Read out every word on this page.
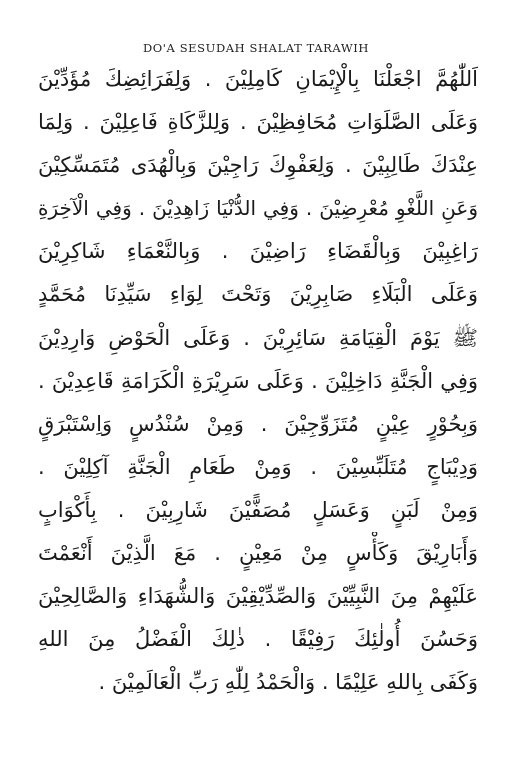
DO'A SESUDAH SHALAT TARAWIH
اَللّٰهُمَّ اجْعَلْنَا بِالْإِيْمَانِ كَامِلِيْنَ . وَلِفَرَائِضِكَ مُؤَدِّيْنَ
وَعَلَى الصَّلَوَاتِ مُحَافِظِيْنَ . وَلِلزَّكَاةِ فَاعِلِيْنَ . وَلِمَا
عِنْدَكَ طَالِبِيْنَ . وَلِعَفْوِكَ رَاجِيْنَ وَبِالْهُدَى مُتَمَسِّكِيْنَ
وَعَنِ اللَّغْوِ مُعْرِضِيْنَ . وَفِي الدُّنْيَا زَاهِدِيْنَ . وَفِي الْآخِرَةِ
رَاغِبِيْنَ وَبِالْقَضَاءِ رَاضِيْنَ . وَبِالنَّعْمَاءِ شَاكِرِيْنَ
وَعَلَى الْبَلَاءِ صَابِرِيْنَ وَتَحْتَ لِوَاءِ سَيِّدِنَا مُحَمَّدٍ
ﷺ يَوْمَ الْقِيَامَةِ سَائِرِيْنَ . وَعَلَى الْحَوْضِ وَارِدِيْنَ
وَفِي الْجَنَّةِ دَاخِلِيْنَ . وَعَلَى سَرِيْرَةِ الْكَرَامَةِ قَاعِدِيْنَ .
وَبِحُوْرٍ عِيْنٍ مُتَزَوِّجِيْنَ . وَمِنْ سُنْدُسٍ وَاِسْتَبْرَقٍ
وَدِيْبَاجٍ مُتَلَبِّسِيْنَ . وَمِنْ طَعَامِ الْجَنَّةِ آكِلِيْنَ .
وَمِنْ لَبَنٍ وَعَسَلٍ مُصَفًّيْنَ شَارِبِيْنَ . بِأَكْوَابٍ
وَأَبَارِيْقَ وَكَأْسٍ مِنْ مَعِيْنٍ . مَعَ الَّذِيْنَ أَنْعَمْتَ
عَلَيْهِمْ مِنَ النَّبِيِّيْنَ وَالصِّدِّيْقِيْنَ وَالشُّهَدَاءِ وَالصَّالِحِيْنَ
وَحَسُنَ أُولٰئِكَ رَفِيْقًا . ذٰلِكَ الْفَضْلُ مِنَ اللهِ
وَكَفَى بِاللهِ عَلِيْمًا . وَالْحَمْدُ لِلّٰهِ رَبِّ الْعَالَمِيْنَ .
